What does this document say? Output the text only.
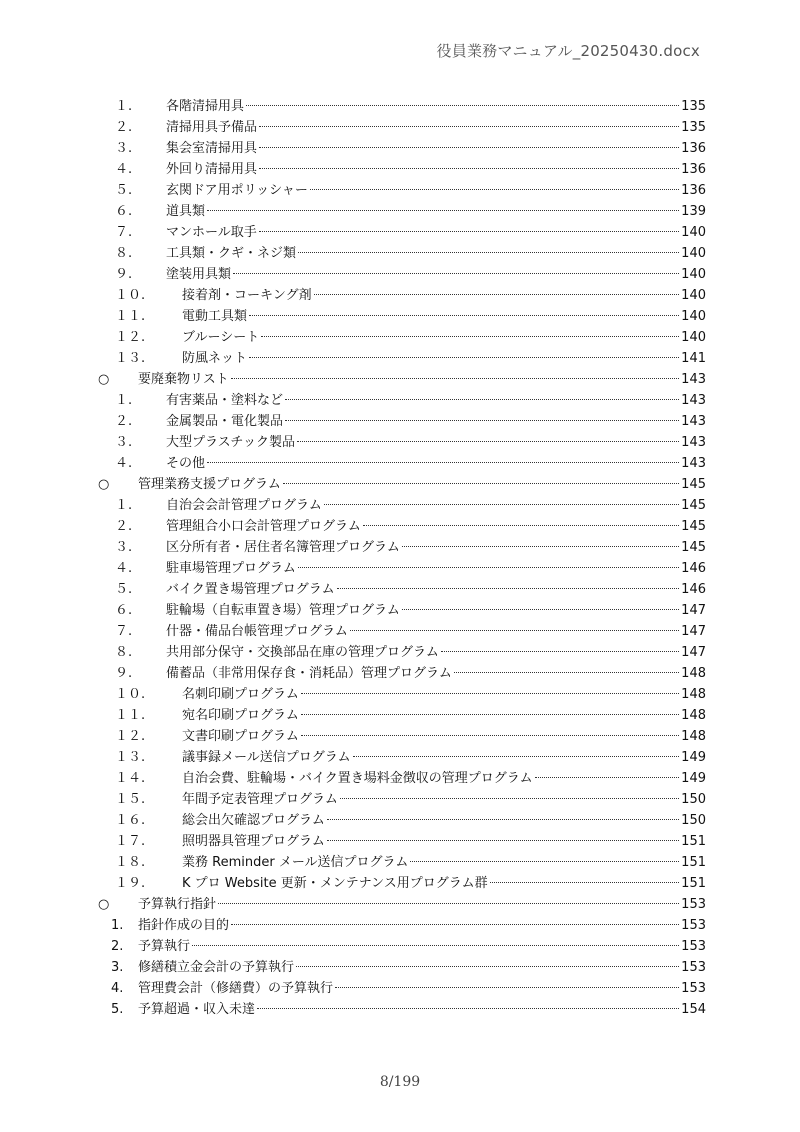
役員業務マニュアル_20250430.docx
１.	各階清掃用具	135
２.	清掃用具予備品	135
３.	集会室清掃用具	136
４.	外回り清掃用具	136
５.	玄関ドア用ポリッシャー	136
６.	道具類	139
７.	マンホール取手	140
８.	工具類・クギ・ネジ類	140
９.	塗装用具類	140
１０.	接着剤・コーキング剤	140
１１.	電動工具類	140
１２.	ブルーシート	140
１３.	防風ネット	141
○ 要廃棄物リスト	143
１.	有害薬品・塗料など	143
２.	金属製品・電化製品	143
３.	大型プラスチック製品	143
４.	その他	143
○ 管理業務支援プログラム	145
１.	自治会会計管理プログラム	145
２.	管理組合小口会計管理プログラム	145
３.	区分所有者・居住者名簿管理プログラム	145
４.	駐車場管理プログラム	146
５.	バイク置き場管理プログラム	146
６.	駐輪場（自転車置き場）管理プログラム	147
７.	什器・備品台帳管理プログラム	147
８.	共用部分保守・交換部品在庫の管理プログラム	147
９.	備蓄品（非常用保存食・消耗品）管理プログラム	148
１０.	名刺印刷プログラム	148
１１.	宛名印刷プログラム	148
１２.	文書印刷プログラム	148
１３.	議事録メール送信プログラム	149
１４.	自治会費、駐輪場・バイク置き場料金徴収の管理プログラム	149
１５.	年間予定表管理プログラム	150
１６.	総会出欠確認プログラム	150
１７.	照明器具管理プログラム	151
１８.	業務 Reminder メール送信プログラム	151
１９.	K プロ Website 更新・メンテナンス用プログラム群	151
○ 予算執行指針	153
1. 指針作成の目的	153
2. 予算執行	153
3. 修繕積立金会計の予算執行	153
4. 管理費会計（修繕費）の予算執行	153
5. 予算超過・収入未達	154
8/199
